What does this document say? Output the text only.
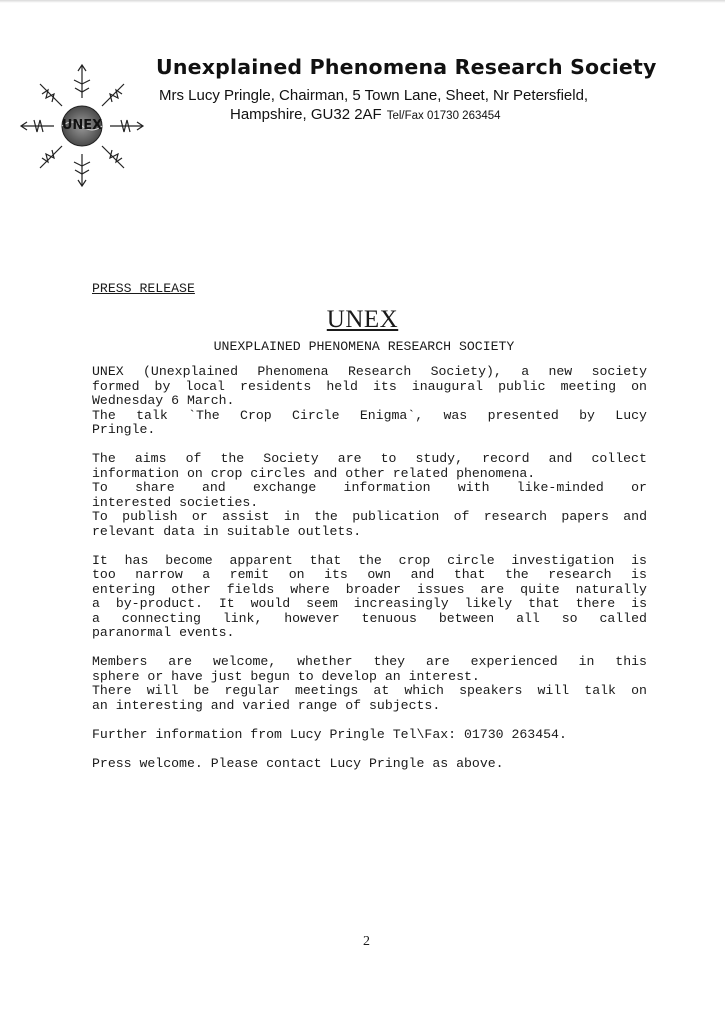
UNEX
Unexplained Phenomena Research Society
Mrs Lucy Pringle, Chairman, 5 Town Lane, Sheet, Nr Petersfield,
Hampshire, GU32 2AF Tel/Fax 01730 263454
PRESS RELEASE
UNEX
UNEXPLAINED PHENOMENA RESEARCH SOCIETY
UNEX (Unexplained Phenomena Research Society), a new society
formed by local residents held its inaugural public meeting on
Wednesday 6 March.
The talk `The Crop Circle Enigma`, was presented by Lucy
Pringle.
The aims of the Society are to study, record and collect
information on crop circles and other related phenomena.
To share and exchange information with like-minded or
interested societies.
To publish or assist in the publication of research papers and
relevant data in suitable outlets.
It has become apparent that the crop circle investigation is
too narrow a remit on its own and that the research is
entering other fields where broader issues are quite naturally
a by-product. It would seem increasingly likely that there is
a connecting link, however tenuous between all so called
paranormal events.
Members are welcome, whether they are experienced in this
sphere or have just begun to develop an interest.
There will be regular meetings at which speakers will talk on
an interesting and varied range of subjects.
Further information from Lucy Pringle Tel\Fax: 01730 263454.
Press welcome. Please contact Lucy Pringle as above.
2
